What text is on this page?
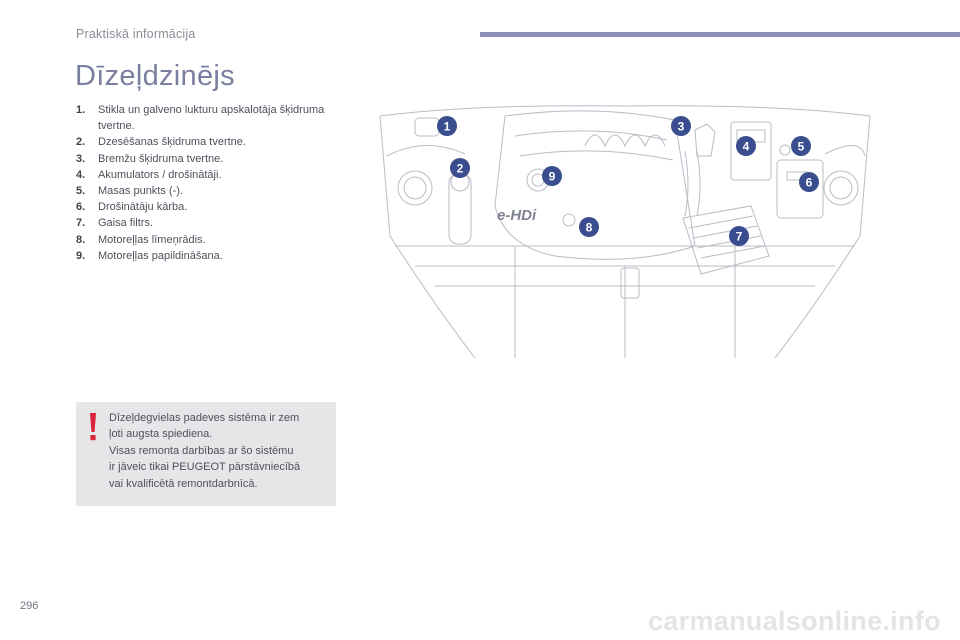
Praktiskā informācija
Dīzeļdzinējs
1.	Stikla un galveno lukturu apskalotāja šķidruma tvertne.
2.	Dzesēšanas šķidruma tvertne.
3.	Bremžu šķidruma tvertne.
4.	Akumulators / drošinātāji.
5.	Masas punkts (-).
6.	Drošinātāju kārba.
7.	Gaisa filtrs.
8.	Motoreļļas līmeņrādis.
9.	Motoreļļas papildināšana.
Dīzeļdegvielas padeves sistēma ir zem
ļoti augsta spiediena.
Visas remonta darbības ar šo sistēmu
ir jāveic tikai PEUGEOT pārstāvniecībā
vai kvalificētā remontdarbnīcā.
e-HDi
1
2
3
4	5
6
7
8
9
296	carmanualsonline.info
